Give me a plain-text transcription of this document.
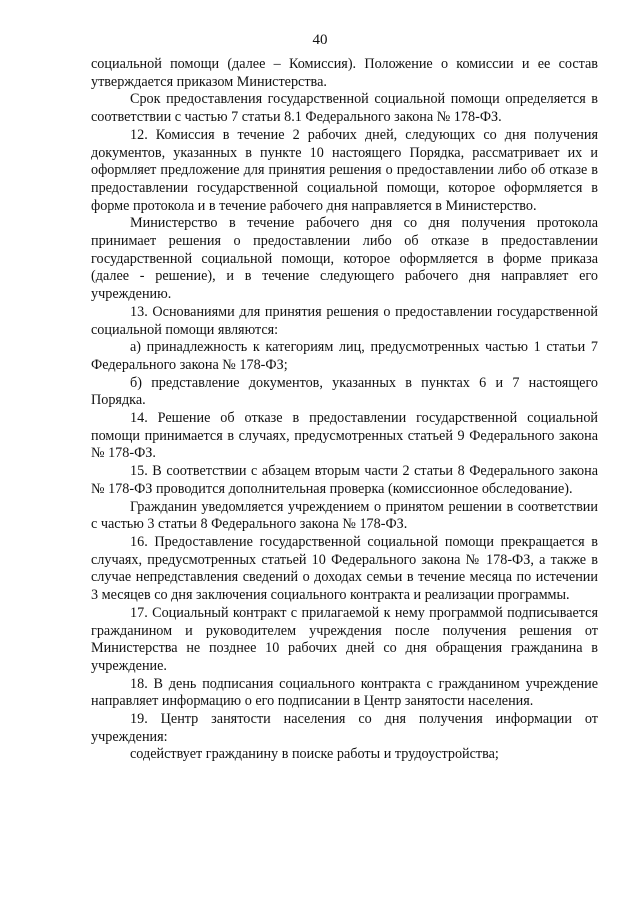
40

социальной помощи (далее – Комиссия). Положение о комиссии и ее состав утверждается приказом Министерства.

Срок предоставления государственной социальной помощи определяется в соответствии с частью 7 статьи 8.1 Федерального закона № 178-ФЗ.

12. Комиссия в течение 2 рабочих дней, следующих со дня получения документов, указанных в пункте 10 настоящего Порядка, рассматривает их и оформляет предложение для принятия решения о предоставлении либо об отказе в предоставлении государственной социальной помощи, которое оформляется в форме протокола и в течение рабочего дня направляется в Министерство.

Министерство в течение рабочего дня со дня получения протокола принимает решения о предоставлении либо об отказе в предоставлении государственной социальной помощи, которое оформляется в форме приказа (далее - решение), и в течение следующего рабочего дня направляет его учреждению.

13. Основаниями для принятия решения о предоставлении государственной социальной помощи являются:

а) принадлежность к категориям лиц, предусмотренных частью 1 статьи 7 Федерального закона № 178-ФЗ;

б) представление документов, указанных в пунктах 6 и 7 настоящего Порядка.

14. Решение об отказе в предоставлении государственной социальной помощи принимается в случаях, предусмотренных статьей 9 Федерального закона № 178-ФЗ.

15. В соответствии с абзацем вторым части 2 статьи 8 Федерального закона № 178-ФЗ проводится дополнительная проверка (комиссионное обследование).

Гражданин уведомляется учреждением о принятом решении в соответствии с частью 3 статьи 8 Федерального закона № 178-ФЗ.

16. Предоставление государственной социальной помощи прекращается в случаях, предусмотренных статьей 10 Федерального закона № 178-ФЗ, а также в случае непредставления сведений о доходах семьи в течение месяца по истечении 3 месяцев со дня заключения социального контракта и реализации программы.

17. Социальный контракт с прилагаемой к нему программой подписывается гражданином и руководителем учреждения после получения решения от Министерства не позднее 10 рабочих дней со дня обращения гражданина в учреждение.

18. В день подписания социального контракта с гражданином учреждение направляет информацию о его подписании в Центр занятости населения.

19. Центр занятости населения со дня получения информации от учреждения:

содействует гражданину в поиске работы и трудоустройства;
